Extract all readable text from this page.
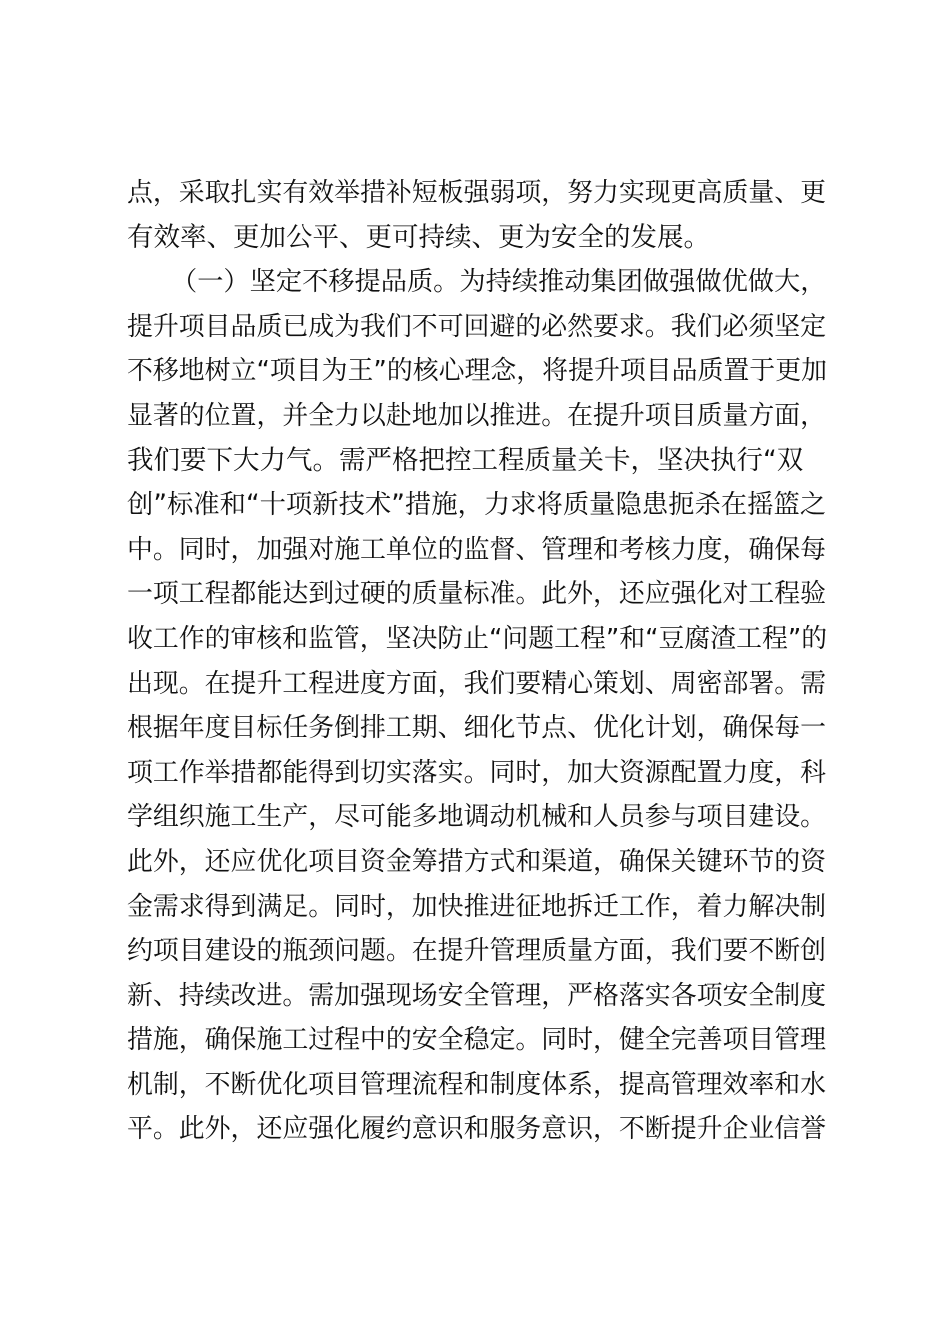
点，采取扎实有效举措补短板强弱项，努力实现更高质量、更
有效率、更加公平、更可持续、更为安全的发展。
（一）坚定不移提品质。为持续推动集团做强做优做大，
提升项目品质已成为我们不可回避的必然要求。我们必须坚定
不移地树立“项目为王”的核心理念，将提升项目品质置于更加
显著的位置，并全力以赴地加以推进。在提升项目质量方面，
我们要下大力气。需严格把控工程质量关卡，坚决执行“双
创”标准和“十项新技术”措施，力求将质量隐患扼杀在摇篮之
中。同时，加强对施工单位的监督、管理和考核力度，确保每
一项工程都能达到过硬的质量标准。此外，还应强化对工程验
收工作的审核和监管，坚决防止“问题工程”和“豆腐渣工程”的
出现。在提升工程进度方面，我们要精心策划、周密部署。需
根据年度目标任务倒排工期、细化节点、优化计划，确保每一
项工作举措都能得到切实落实。同时，加大资源配置力度，科
学组织施工生产，尽可能多地调动机械和人员参与项目建设。
此外，还应优化项目资金筹措方式和渠道，确保关键环节的资
金需求得到满足。同时，加快推进征地拆迁工作，着力解决制
约项目建设的瓶颈问题。在提升管理质量方面，我们要不断创
新、持续改进。需加强现场安全管理，严格落实各项安全制度
措施，确保施工过程中的安全稳定。同时，健全完善项目管理
机制，不断优化项目管理流程和制度体系，提高管理效率和水
平。此外，还应强化履约意识和服务意识，不断提升企业信誉
